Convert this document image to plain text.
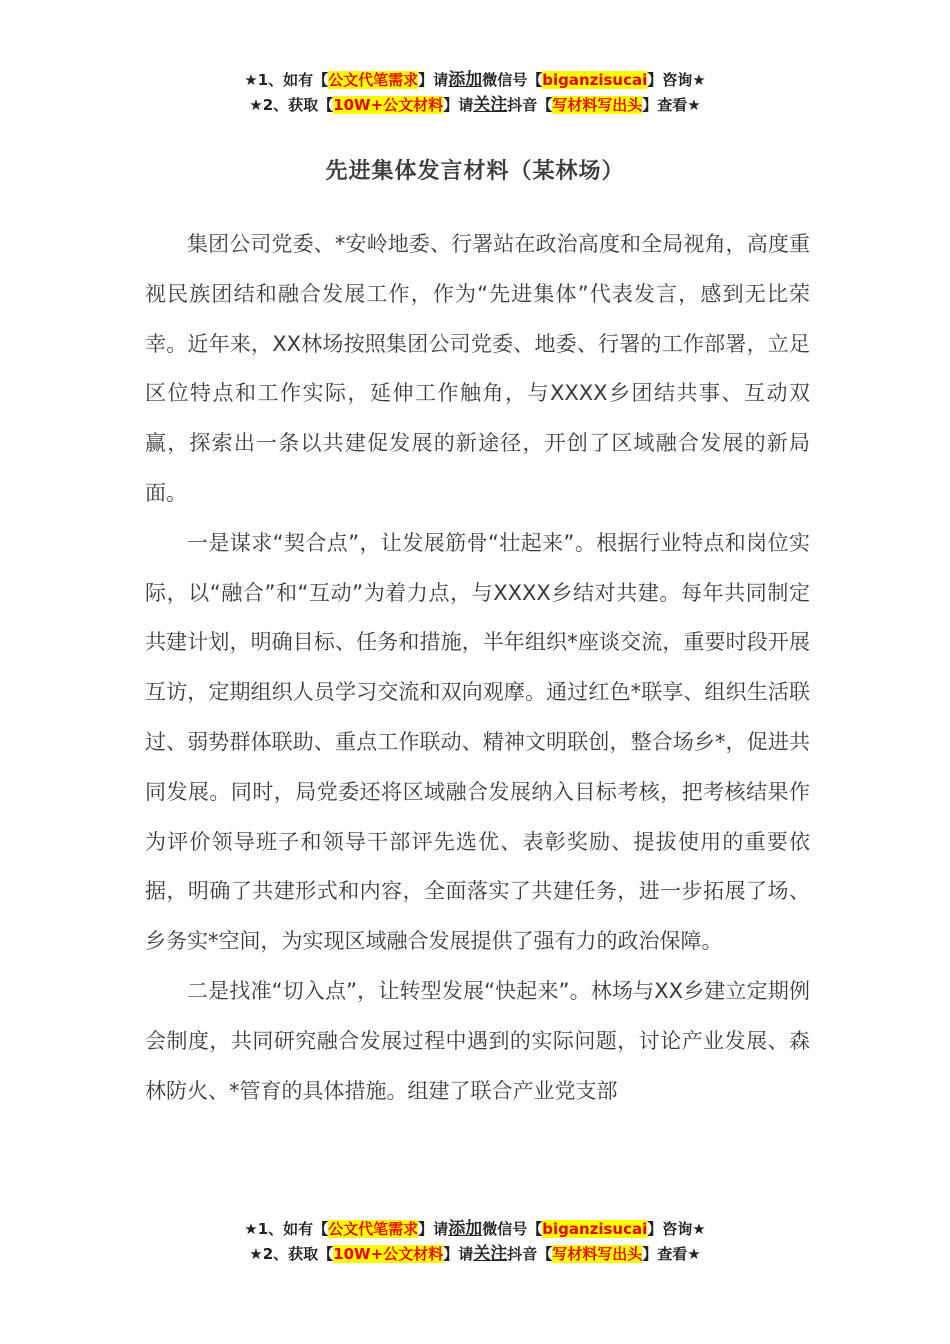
★1、如有【公文代笔需求】请添加微信号【biganzisucai】咨询★
★2、获取【10W+公文材料】请关注抖音【写材料写出头】查看★
先进集体发言材料（某林场）

集团公司党委、*安岭地委、行署站在政治高度和全局视角，高度重视民族团结和融合发展工作，作为“先进集体”代表发言，感到无比荣幸。近年来，XX林场按照集团公司党委、地委、行署的工作部署，立足区位特点和工作实际，延伸工作触角，与XXXX乡团结共事、互动双赢，探索出一条以共建促发展的新途径，开创了区域融合发展的新局面。

一是谋求“契合点”，让发展筋骨“壮起来”。根据行业特点和岗位实际，以“融合”和“互动”为着力点，与XXXX乡结对共建。每年共同制定共建计划，明确目标、任务和措施，半年组织*座谈交流，重要时段开展互访，定期组织人员学习交流和双向观摩。通过红色*联享、组织生活联过、弱势群体联助、重点工作联动、精神文明联创，整合场乡*，促进共同发展。同时，局党委还将区域融合发展纳入目标考核，把考核结果作为评价领导班子和领导干部评先选优、表彰奖励、提拔使用的重要依据，明确了共建形式和内容，全面落实了共建任务，进一步拓展了场、乡务实*空间，为实现区域融合发展提供了强有力的政治保障。

二是找准“切入点”，让转型发展“快起来”。林场与XX乡建立定期例会制度，共同研究融合发展过程中遇到的实际问题，讨论产业发展、森林防火、*管育的具体措施。组建了联合产业党支部

★1、如有【公文代笔需求】请添加微信号【biganzisucai】咨询★
★2、获取【10W+公文材料】请关注抖音【写材料写出头】查看★
